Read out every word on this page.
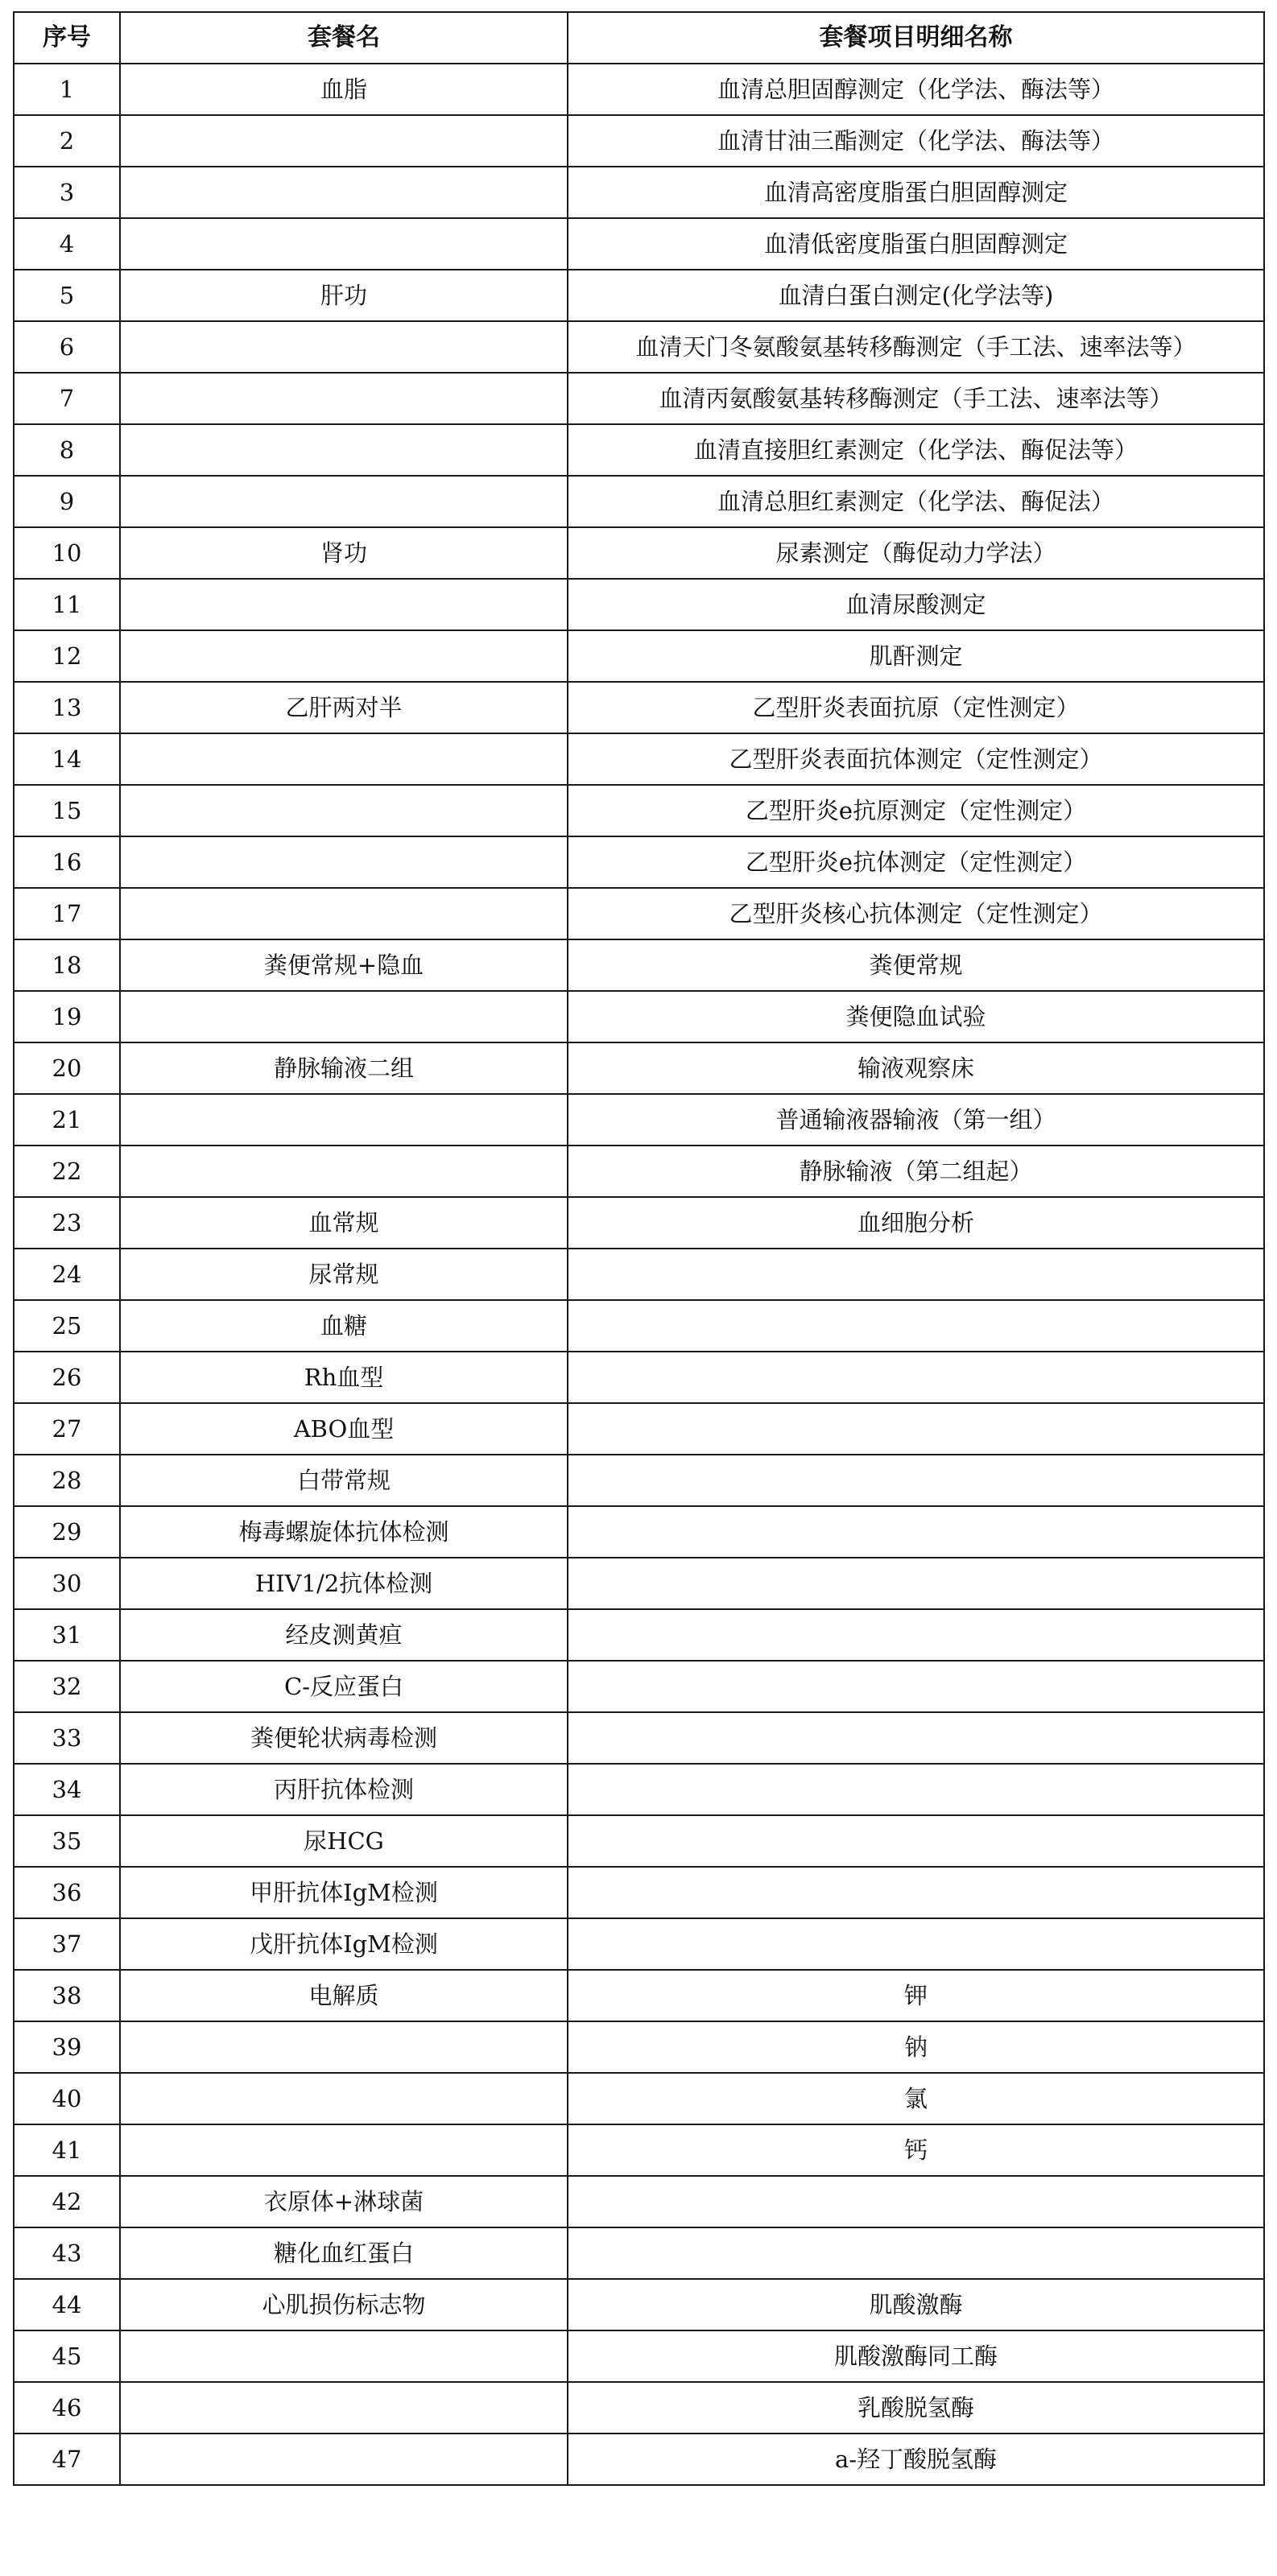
序号	套餐名	套餐项目明细名称
1	血脂	血清总胆固醇测定（化学法、酶法等）
2		血清甘油三酯测定（化学法、酶法等）
3		血清高密度脂蛋白胆固醇测定
4		血清低密度脂蛋白胆固醇测定
5	肝功	血清白蛋白测定(化学法等)
6		血清天门冬氨酸氨基转移酶测定（手工法、速率法等）
7		血清丙氨酸氨基转移酶测定（手工法、速率法等）
8		血清直接胆红素测定（化学法、酶促法等）
9		血清总胆红素测定（化学法、酶促法）
10	肾功	尿素测定（酶促动力学法）
11		血清尿酸测定
12		肌酐测定
13	乙肝两对半	乙型肝炎表面抗原（定性测定）
14		乙型肝炎表面抗体测定（定性测定）
15		乙型肝炎e抗原测定（定性测定）
16		乙型肝炎e抗体测定（定性测定）
17		乙型肝炎核心抗体测定（定性测定）
18	粪便常规+隐血	粪便常规
19		粪便隐血试验
20	静脉输液二组	输液观察床
21		普通输液器输液（第一组）
22		静脉输液（第二组起）
23	血常规	血细胞分析
24	尿常规	
25	血糖	
26	Rh血型	
27	ABO血型	
28	白带常规	
29	梅毒螺旋体抗体检测	
30	HIV1/2抗体检测	
31	经皮测黄疸	
32	C-反应蛋白	
33	粪便轮状病毒检测	
34	丙肝抗体检测	
35	尿HCG	
36	甲肝抗体IgM检测	
37	戊肝抗体IgM检测	
38	电解质	钾
39		钠
40		氯
41		钙
42	衣原体+淋球菌	
43	糖化血红蛋白	
44	心肌损伤标志物	肌酸激酶
45		肌酸激酶同工酶
46		乳酸脱氢酶
47		a-羟丁酸脱氢酶
